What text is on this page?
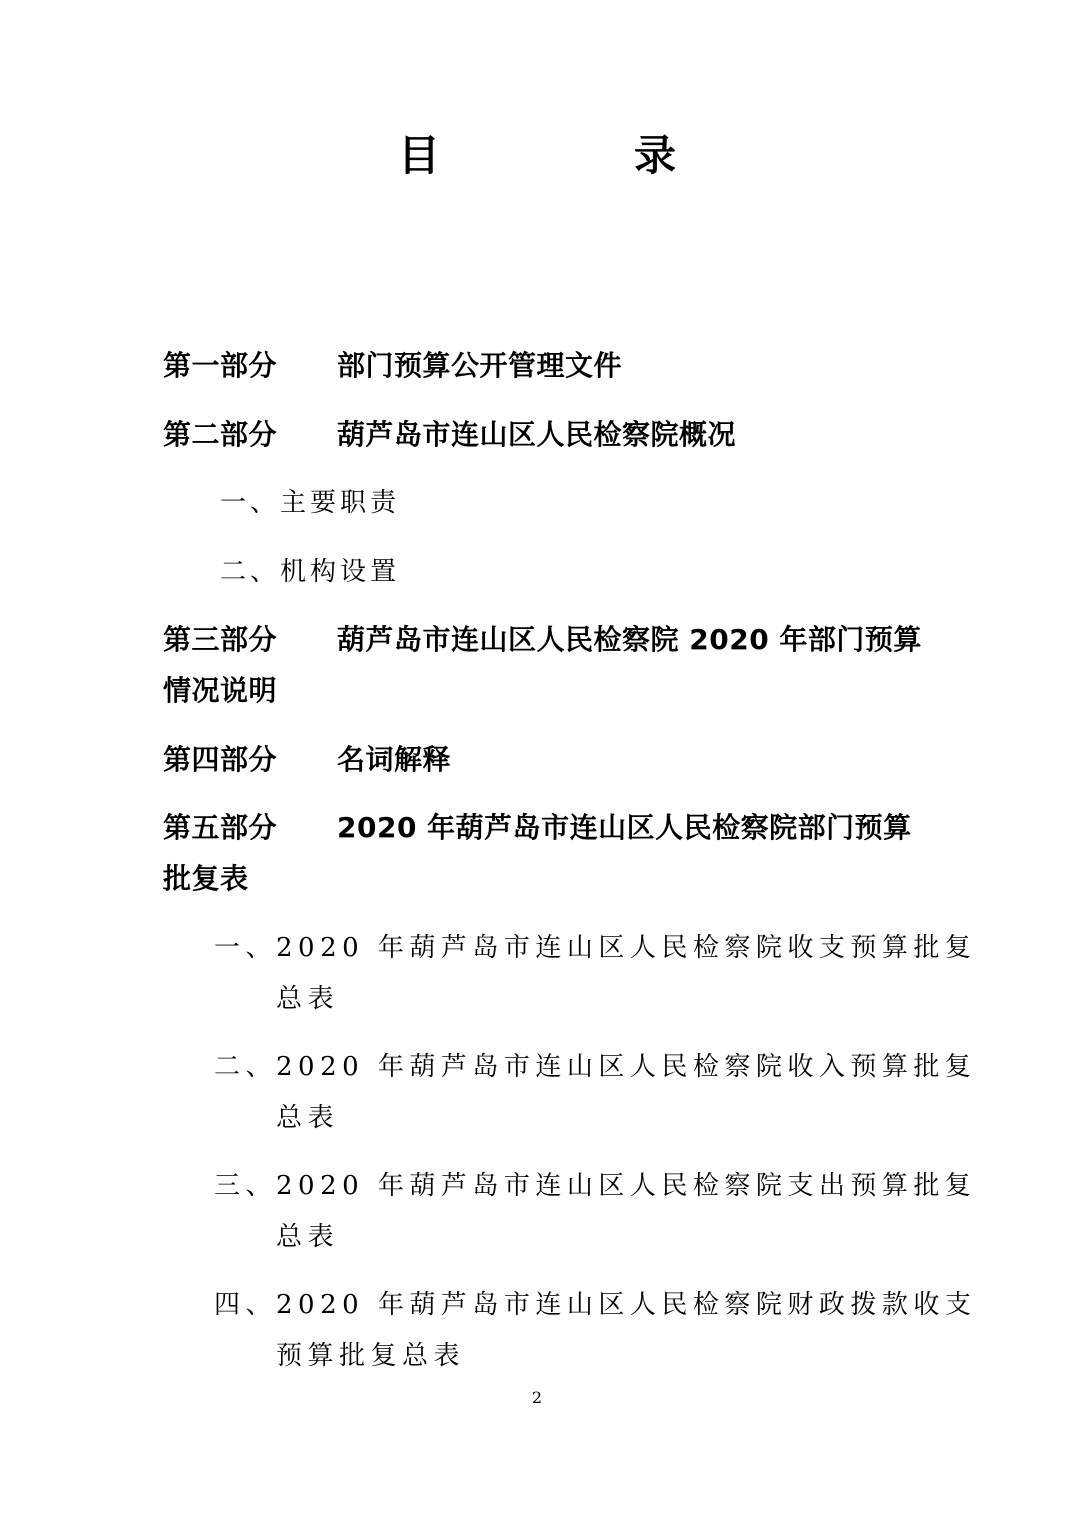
目　录
第一部分 部门预算公开管理文件
第二部分 葫芦岛市连山区人民检察院概况
一、主要职责
二、机构设置
第三部分 葫芦岛市连山区人民检察院 2020 年部门预算
情况说明
第四部分 名词解释
第五部分 2020 年葫芦岛市连山区人民检察院部门预算
批复表
一、2020 年葫芦岛市连山区人民检察院收支预算批复
总表
二、2020 年葫芦岛市连山区人民检察院收入预算批复
总表
三、2020 年葫芦岛市连山区人民检察院支出预算批复
总表
四、2020 年葫芦岛市连山区人民检察院财政拨款收支
预算批复总表
2
